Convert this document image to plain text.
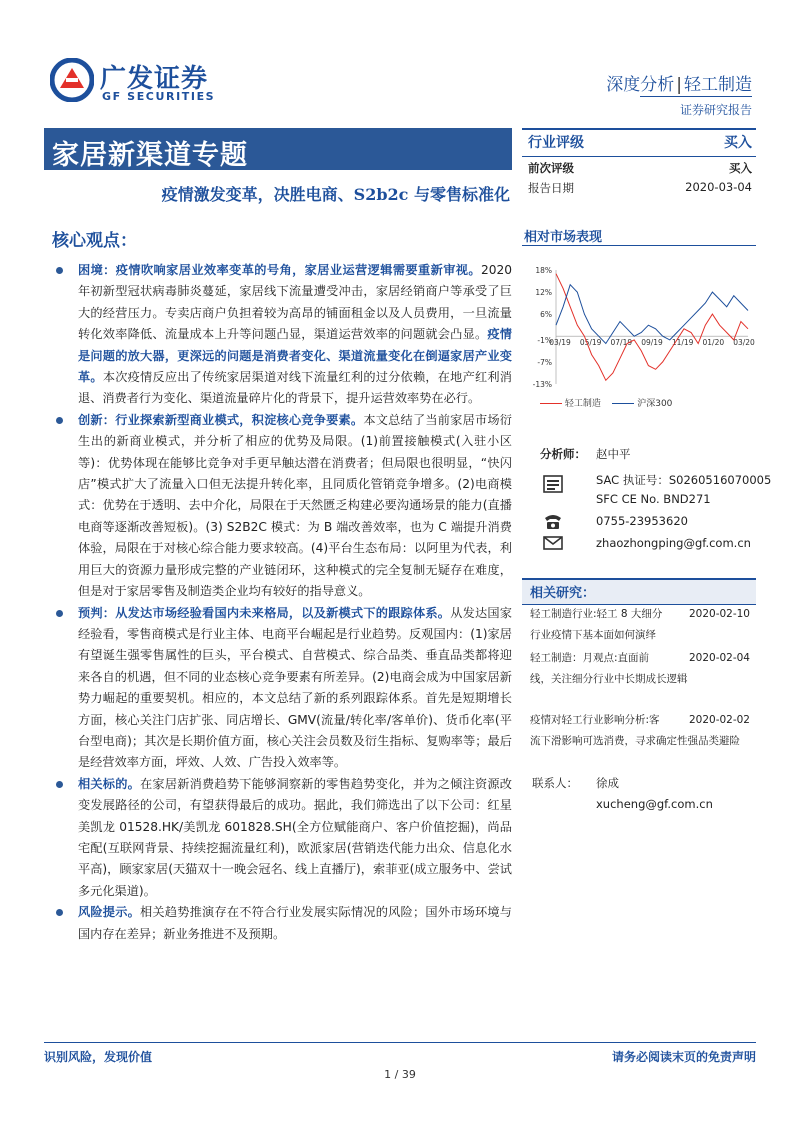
广发证券
GF SECURITIES
深度分析 | 轻工制造
证券研究报告
家居新渠道专题
疫情激发变革，决胜电商、S2b2c 与零售标准化
核心观点：
困境：疫情吹响家居业效率变革的号角，家居业运营逻辑需要重新审视。2020 年初新型冠状病毒肺炎蔓延，家居线下流量遭受冲击，家居经销商户等承受了巨大的经营压力。专卖店商户负担着较为高昂的铺面租金以及人员费用，一旦流量转化效率降低、流量成本上升等问题凸显，渠道运营效率的问题就会凸显。疫情是问题的放大器，更深远的问题是消费者变化、渠道流量变化在倒逼家居产业变革。本次疫情反应出了传统家居渠道对线下流量红利的过分依赖，在地产红利消退、消费者行为变化、渠道流量碎片化的背景下，提升运营效率势在必行。
创新：行业探索新型商业模式，积淀核心竞争要素。本文总结了当前家居市场衍生出的新商业模式，并分析了相应的优势及局限。(1)前置接触模式(入驻小区等)：优势体现在能够比竞争对手更早触达潜在消费者；但局限也很明显，“快闪店”模式扩大了流量入口但无法提升转化率，且同质化管销竞争增多。(2)电商模式：优势在于透明、去中介化，局限在于天然匮乏构建必要沟通场景的能力(直播电商等逐渐改善短板)。(3) S2B2C 模式：为 B 端改善效率，也为 C 端提升消费体验，局限在于对核心综合能力要求较高。(4)平台生态布局：以阿里为代表，利用巨大的资源力量形成完整的产业链闭环，这种模式的完全复制无疑存在难度，但是对于家居零售及制造类企业均有较好的指导意义。
预判：从发达市场经验看国内未来格局，以及新模式下的跟踪体系。从发达国家经验看，零售商模式是行业主体、电商平台崛起是行业趋势。反观国内：(1)家居有望诞生强零售属性的巨头，平台模式、自营模式、综合品类、垂直品类都将迎来各自的机遇，但不同的业态核心竞争要素有所差异。(2)电商会成为中国家居新势力崛起的重要契机。相应的，本文总结了新的系列跟踪体系。首先是短期增长方面，核心关注门店扩张、同店增长、GMV(流量/转化率/客单价)、货币化率(平台型电商)；其次是长期价值方面，核心关注会员数及衍生指标、复购率等；最后是经营效率方面，坪效、人效、广告投入效率等。
相关标的。在家居新消费趋势下能够洞察新的零售趋势变化，并为之倾注资源改变发展路径的公司，有望获得最后的成功。据此，我们筛选出了以下公司：红星美凯龙 01528.HK/美凯龙 601828.SH(全方位赋能商户、客户价值挖掘)，尚品宅配(互联网背景、持续挖掘流量红利)，欧派家居(营销迭代能力出众、信息化水平高)，顾家家居(天猫双十一晚会冠名、线上直播厅)，索菲亚(成立服务中、尝试多元化渠道)。
风险提示。相关趋势推演存在不符合行业发展实际情况的风险；国外市场环境与国内存在差异；新业务推进不及预期。
行业评级	买入
前次评级	买入
报告日期	2020-03-04
相对市场表现
18%
12%
6%
-1%
-7%
-13%
03/19 05/19 07/19 09/19 11/19 01/20 03/20
轻工制造	沪深300
分析师： 赵中平
SAC 执证号：S0260516070005
SFC CE No. BND271
0755-23953620
zhaozhongping@gf.com.cn
相关研究：
轻工制造行业:轻工 8 大细分
行业疫情下基本面如何演绎
2020-02-10
轻工制造：月观点:直面前
线，关注细分行业中长期成长逻辑
2020-02-04
疫情对轻工行业影响分析:客
流下滑影响可选消费，寻求确定性强品类避险
2020-02-02
联系人： 徐成
xucheng@gf.com.cn
识别风险，发现价值	请务必阅读末页的免责声明
1 / 39
